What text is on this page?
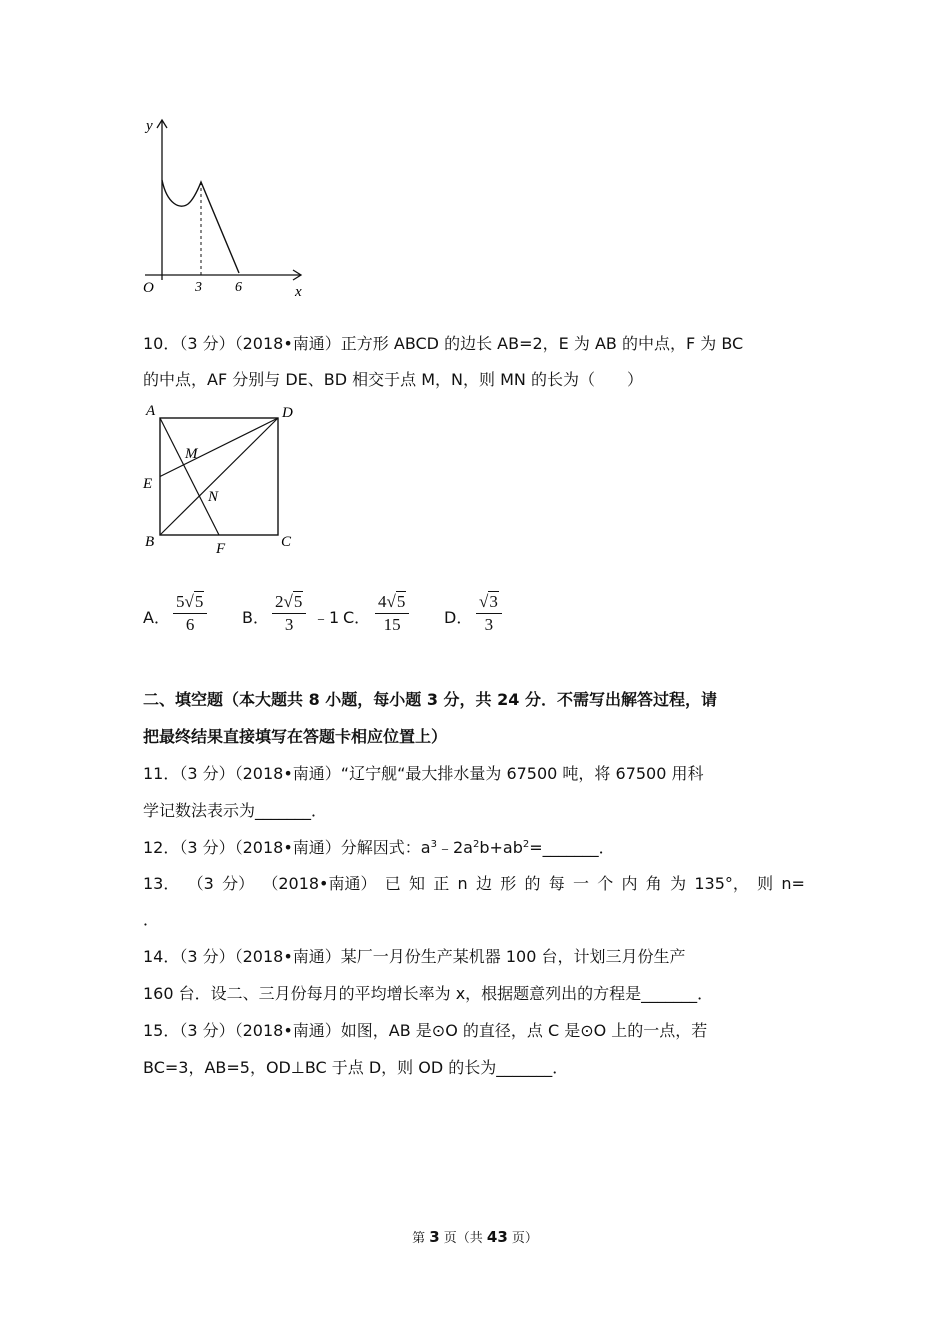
y
O	3 6	x
10．（3 分）（2018•南通）正方形 ABCD 的边长 AB=2，E 为 AB 的中点，F 为 BC
的中点，AF 分别与 DE、BD 相交于点 M，N，则 MN 的长为（　　）
A	D
M
E
N
B	F	C
A． $\frac{5√5}{6}$ B． $\frac{2√5}{3}$ ﹣1 C． $\frac{4√5}{15}$ D． $\frac{√3}{3}$
二、填空题（本大题共 8 小题，每小题 3 分，共 24 分．不需写出解答过程，请
把最终结果直接填写在答题卡相应位置上）
11．（3 分）（2018•南通）“辽宁舰“最大排水量为 67500 吨，将 67500 用科
学记数法表示为_______．
12．（3 分）（2018•南通）分解因式：$a^3﹣2a^2b+ab^2=\_\_\_\_\_\_\_$．
13． （3 分） （2018•南通） 已 知 正 n 边 形 的 每 一 个 内 角 为 135°， 则 n=
．
14．（3 分）（2018•南通）某厂一月份生产某机器 100 台，计划三月份生产
160 台．设二、三月份每月的平均增长率为 x，根据题意列出的方程是_______．
15．（3 分）（2018•南通）如图，AB 是⊙O 的直径，点 C 是⊙O 上的一点，若
BC=3，AB=5，OD⊥BC 于点 D，则 OD 的长为_______．
第 3 页（共 43 页）
